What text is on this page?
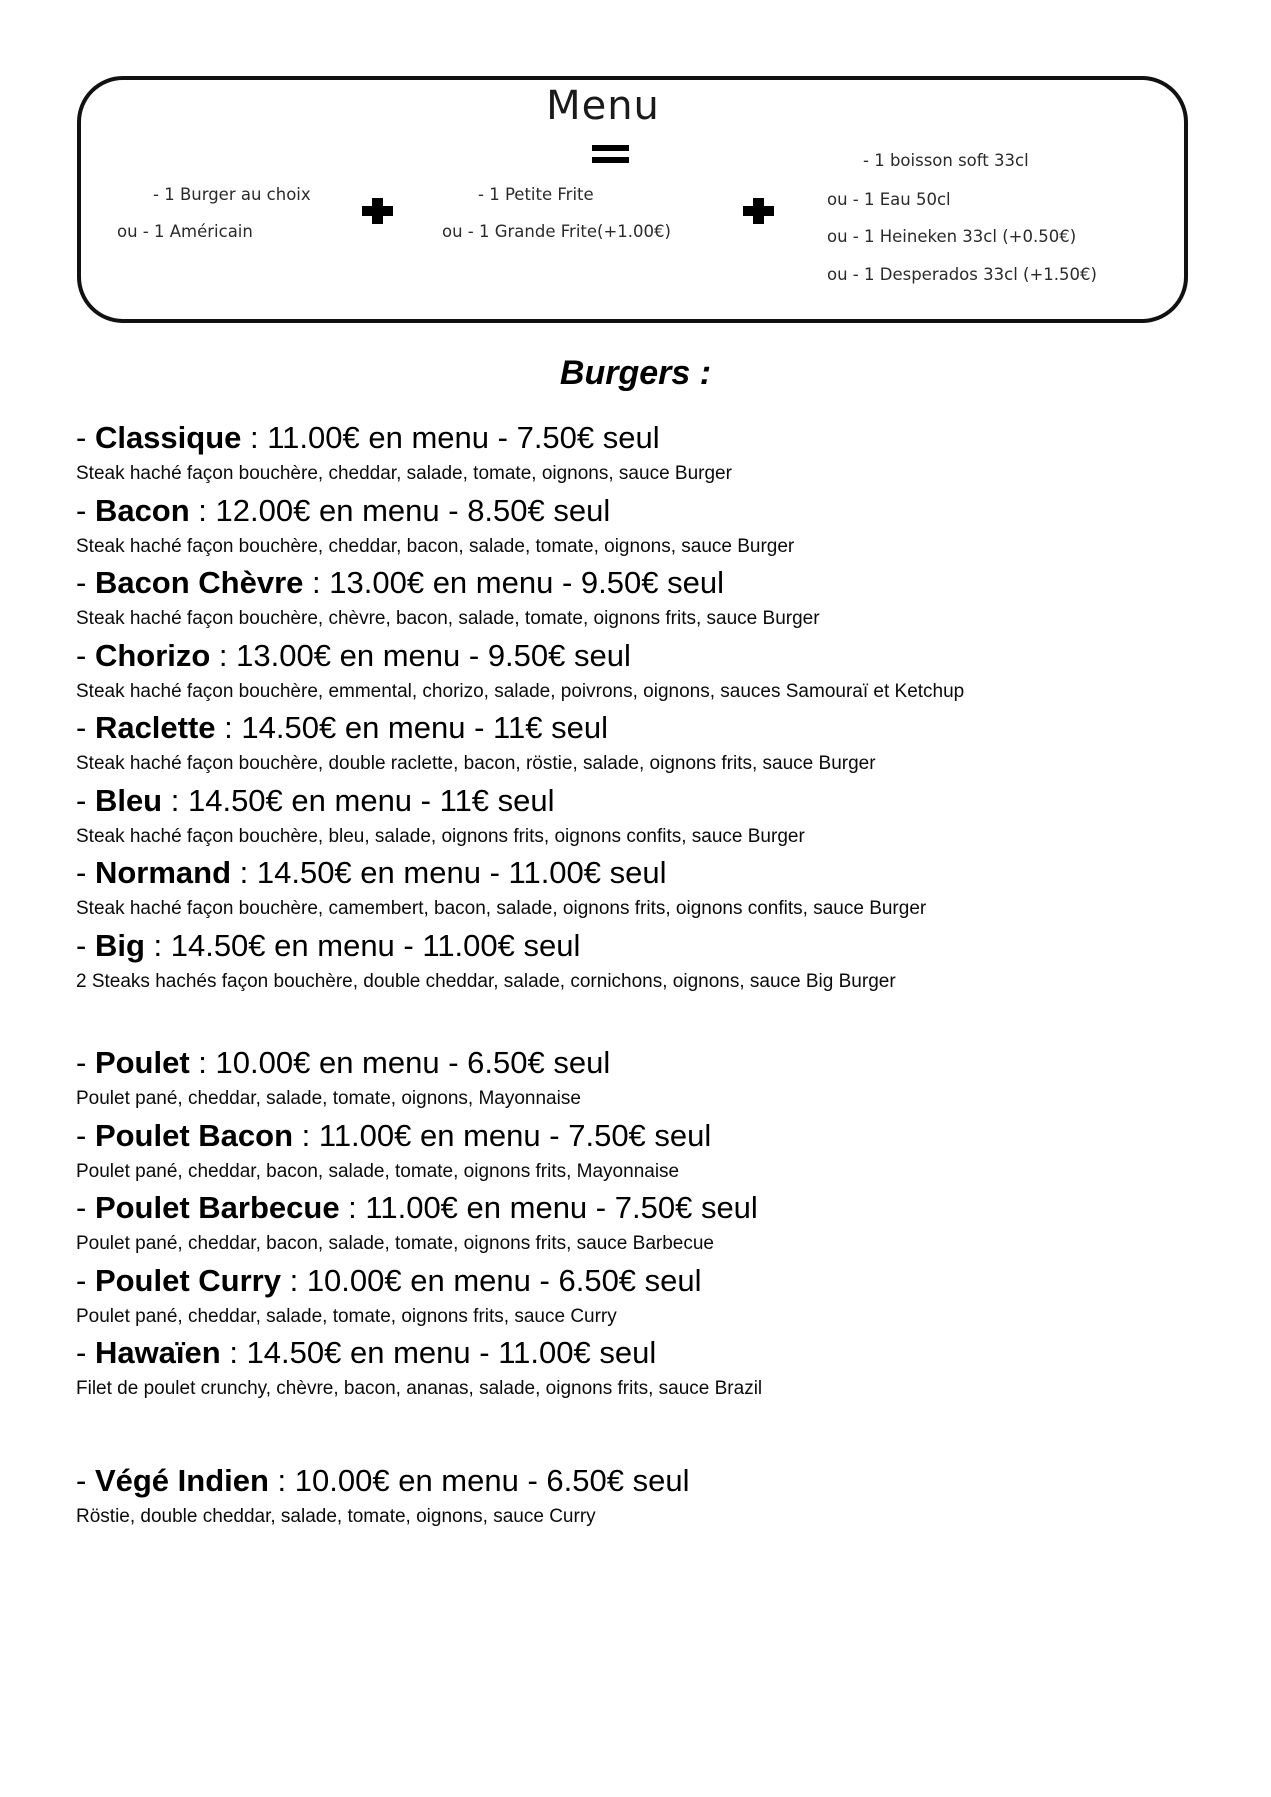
Menu
- 1 Burger au choix
ou - 1 Américain
- 1 Petite Frite
ou - 1 Grande Frite(+1.00€)
- 1 boisson soft 33cl
ou - 1 Eau 50cl
ou - 1 Heineken 33cl (+0.50€)
ou - 1 Desperados 33cl (+1.50€)
Burgers :
- Classique : 11.00€ en menu - 7.50€ seul
Steak haché façon bouchère, cheddar, salade, tomate, oignons, sauce Burger
- Bacon : 12.00€ en menu - 8.50€ seul
Steak haché façon bouchère, cheddar, bacon, salade, tomate, oignons, sauce Burger
- Bacon Chèvre : 13.00€ en menu - 9.50€ seul
Steak haché façon bouchère, chèvre, bacon, salade, tomate, oignons frits, sauce Burger
- Chorizo : 13.00€ en menu - 9.50€ seul
Steak haché façon bouchère, emmental, chorizo, salade, poivrons, oignons, sauces Samouraï et Ketchup
- Raclette : 14.50€ en menu - 11€ seul
Steak haché façon bouchère, double raclette, bacon, röstie, salade, oignons frits, sauce Burger
- Bleu : 14.50€ en menu - 11€ seul
Steak haché façon bouchère, bleu, salade, oignons frits, oignons confits, sauce Burger
- Normand : 14.50€ en menu - 11.00€ seul
Steak haché façon bouchère, camembert, bacon, salade, oignons frits, oignons confits, sauce Burger
- Big : 14.50€ en menu - 11.00€ seul
2 Steaks hachés façon bouchère, double cheddar, salade, cornichons, oignons, sauce Big Burger
- Poulet : 10.00€ en menu - 6.50€ seul
Poulet pané, cheddar, salade, tomate, oignons, Mayonnaise
- Poulet Bacon : 11.00€ en menu - 7.50€ seul
Poulet pané, cheddar, bacon, salade, tomate, oignons frits, Mayonnaise
- Poulet Barbecue : 11.00€ en menu - 7.50€ seul
Poulet pané, cheddar, bacon, salade, tomate, oignons frits, sauce Barbecue
- Poulet Curry : 10.00€ en menu - 6.50€ seul
Poulet pané, cheddar, salade, tomate, oignons frits, sauce Curry
- Hawaïen : 14.50€ en menu - 11.00€ seul
Filet de poulet crunchy, chèvre, bacon, ananas, salade, oignons frits, sauce Brazil
- Végé Indien : 10.00€ en menu - 6.50€ seul
Röstie, double cheddar, salade, tomate, oignons, sauce Curry
